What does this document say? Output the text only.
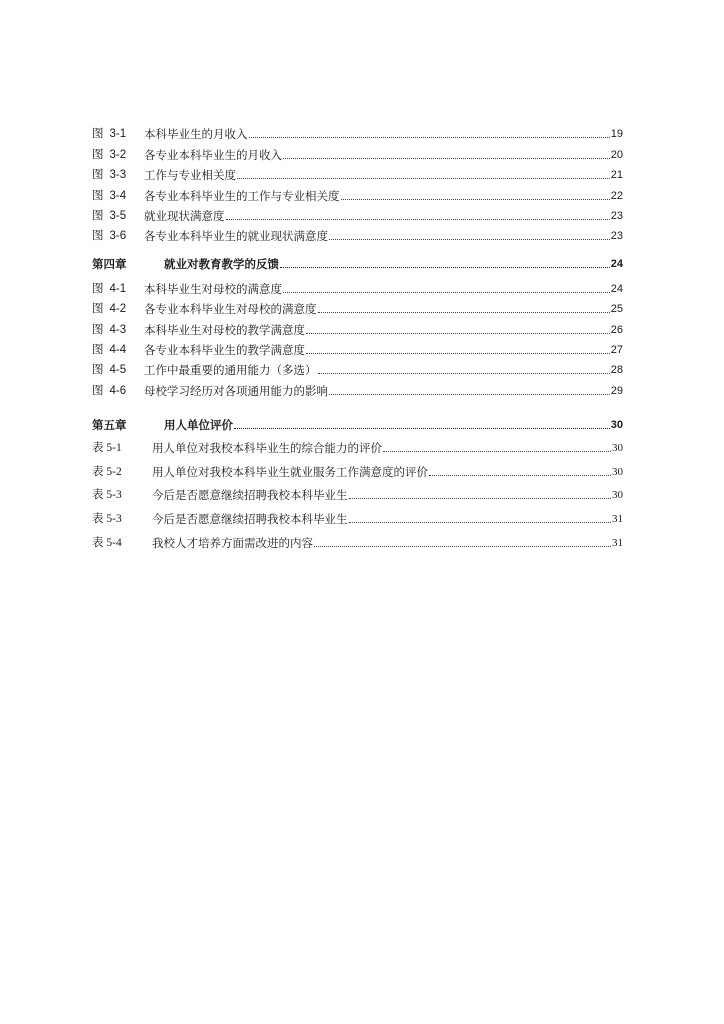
图 3-1	本科毕业生的月收入	19
图 3-2	各专业本科毕业生的月收入	20
图 3-3	工作与专业相关度	21
图 3-4	各专业本科毕业生的工作与专业相关度	22
图 3-5	就业现状满意度	23
图 3-6	各专业本科毕业生的就业现状满意度	23
第四章	就业对教育教学的反馈	24
图 4-1	本科毕业生对母校的满意度	24
图 4-2	各专业本科毕业生对母校的满意度	25
图 4-3	本科毕业生对母校的教学满意度	26
图 4-4	各专业本科毕业生的教学满意度	27
图 4-5	工作中最重要的通用能力（多选）	28
图 4-6	母校学习经历对各项通用能力的影响	29
第五章	用人单位评价	30
表 5-1	用人单位对我校本科毕业生的综合能力的评价	30
表 5-2	用人单位对我校本科毕业生就业服务工作满意度的评价	30
表 5-3	今后是否愿意继续招聘我校本科毕业生	30
表 5-3	今后是否愿意继续招聘我校本科毕业生	31
表 5-4	我校人才培养方面需改进的内容	31
